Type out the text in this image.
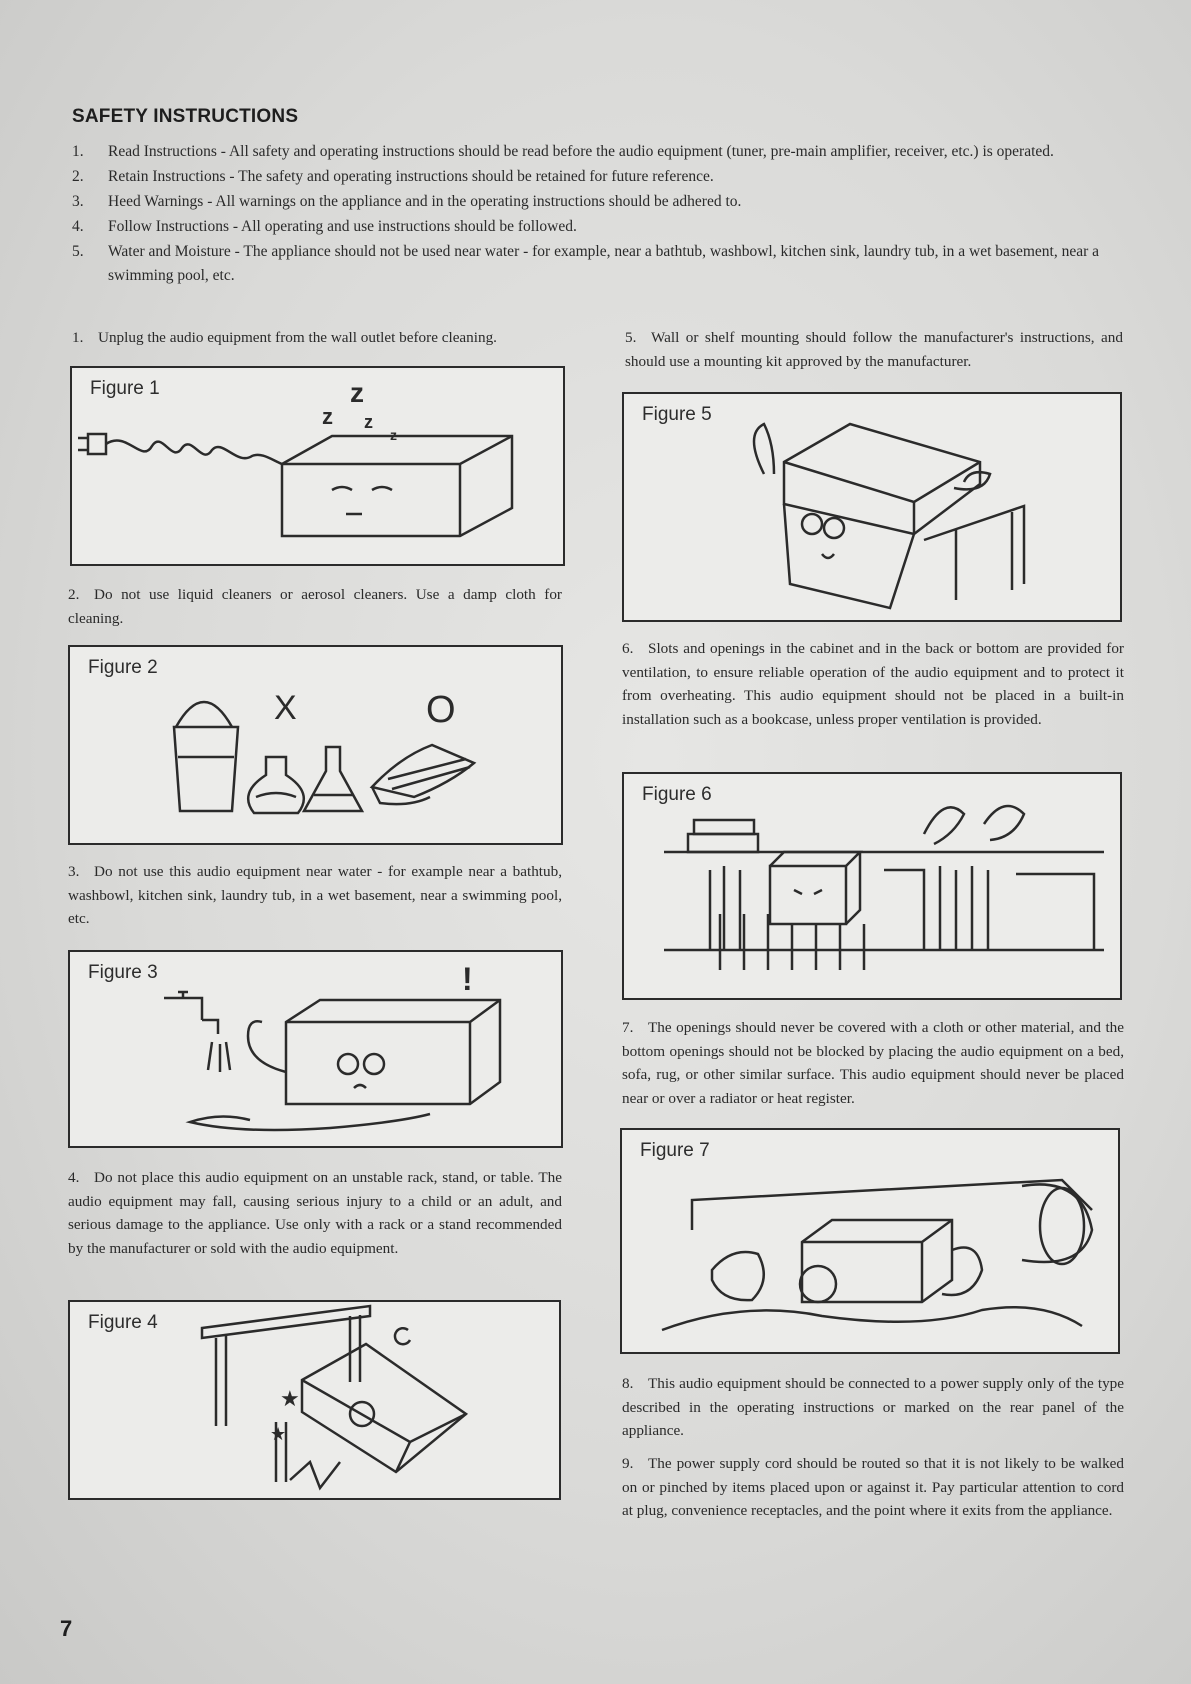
SAFETY INSTRUCTIONS
1. Read Instructions - All safety and operating instructions should be read before the audio equipment (tuner, pre-main amplifier, receiver, etc.) is operated.
2. Retain Instructions - The safety and operating instructions should be retained for future reference.
3. Heed Warnings - All warnings on the appliance and in the operating instructions should be adhered to.
4. Follow Instructions - All operating and use instructions should be followed.
5. Water and Moisture - The appliance should not be used near water - for example, near a bathtub, washbowl, kitchen sink, laundry tub, in a wet basement, near a swimming pool, etc.
1. Unplug the audio equipment from the wall outlet before cleaning.
Figure 1	z
z z
z
2. Do not use liquid cleaners or aerosol cleaners. Use a damp cloth for cleaning.
Figure 2
X	O
3. Do not use this audio equipment near water - for example near a bathtub, washbowl, kitchen sink, laundry tub, in a wet basement, near a swimming pool, etc.
Figure 3	!
4. Do not place this audio equipment on an unstable rack, stand, or table. The audio equipment may fall, causing serious injury to a child or an adult, and serious damage to the appliance. Use only with a rack or a stand recommended by the manufacturer or sold with the audio equipment.
Figure 4
★
★
5. Wall or shelf mounting should follow the manufacturer's instructions, and should use a mounting kit approved by the manufacturer.
Figure 5
6. Slots and openings in the cabinet and in the back or bottom are provided for ventilation, to ensure reliable operation of the audio equipment and to protect it from overheating. This audio equipment should not be placed in a built-in installation such as a bookcase, unless proper ventilation is provided.
Figure 6
7. The openings should never be covered with a cloth or other material, and the bottom openings should not be blocked by placing the audio equipment on a bed, sofa, rug, or other similar surface. This audio equipment should never be placed near or over a radiator or heat register.
Figure 7
8. This audio equipment should be connected to a power supply only of the type described in the operating instructions or marked on the rear panel of the appliance.
9. The power supply cord should be routed so that it is not likely to be walked on or pinched by items placed upon or against it. Pay particular attention to cord at plug, convenience receptacles, and the point where it exits from the appliance.
7
